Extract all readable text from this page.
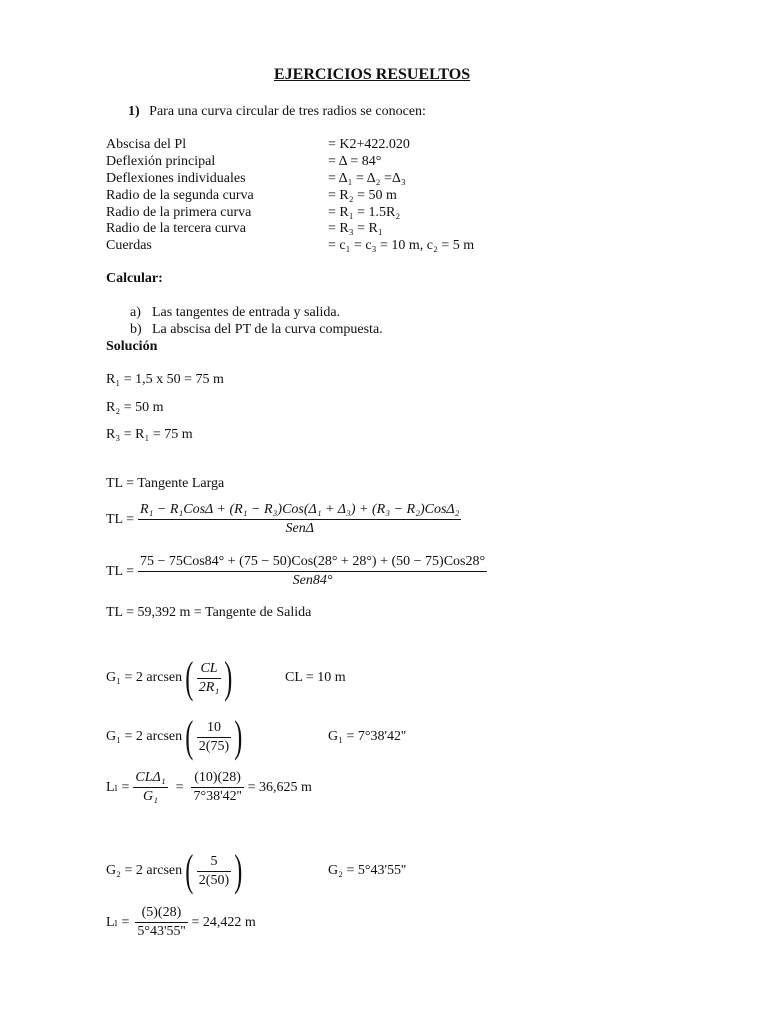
EJERCICIOS RESUELTOS
1) Para una curva circular de tres radios se conocen:
Abscisa del Pl	= K2+422.020
Deflexión principal	= Δ = 84°
Deflexiones individuales	= Δ₁ = Δ₂ =Δ₃
Radio de la segunda curva	= R₂ = 50 m
Radio de la primera curva	= R₁ = 1.5R₂
Radio de la tercera curva	= R₃ = R₁
Cuerdas	= c₁ = c₃ = 10 m, c₂ = 5 m
Calcular:
a) Las tangentes de entrada y salida.
b) La abscisa del PT de la curva compuesta.
Solución
R₁ = 1,5 x 50 = 75 m
R₂ = 50 m
R₃ = R₁ = 75 m
TL = Tangente Larga
TL = $\frac{\text{R₁ − R₁CosΔ + (R₁ − R₃)Cos(Δ₁ + Δ₃) + (R₃ − R₂)CosΔ₂}}{\text{SenΔ}}$
TL = $\frac{\text{75 − 75Cos84° + (75 − 50)Cos(28° + 28°) + (50 − 75)Cos28°}}{\text{Sen84°}}$
TL = 59,392 m = Tangente de Salida
G₁ = 2 arcsen ( $\frac{CL}{\text{2R₁}}$ )	CL = 10 m
G₁ = 2 arcsen ( $\frac{10}{2(75)}$ )	G₁ = 7°38'42''
$L_l = \frac{\text{CLΔ₁}}{\text{G₁}} = \frac{(10)(28)}{7^\circ 38'42''} = 36,625$ m
G₂ = 2 arcsen ( $\frac{5}{2(50)}$ )	G₂ = 5°43'55''
$L_l = \frac{(5)(28)}{5^\circ 43'55''} = 24,422$ m
